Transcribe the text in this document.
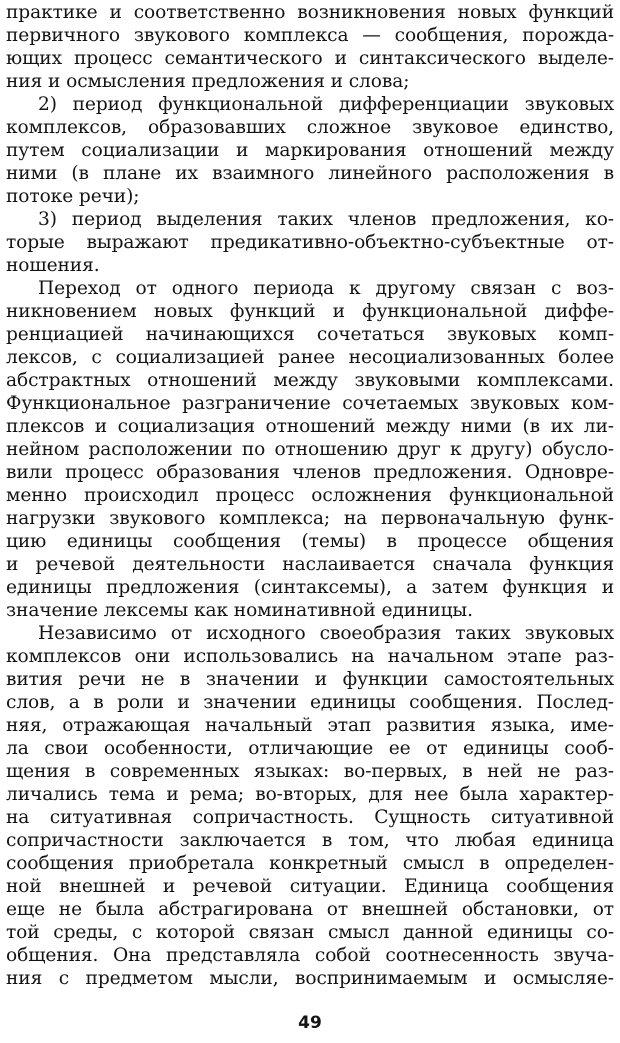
практике и соответственно возникновения новых функций
первичного звукового комплекса — сообщения, порожда-
ющих процесс семантического и синтаксического выделе-
ния и осмысления предложения и слова;
2) период функциональной дифференциации звуковых
комплексов, образовавших сложное звуковое единство,
путем социализации и маркирования отношений между
ними (в плане их взаимного линейного расположения в
потоке речи);
3) период выделения таких членов предложения, ко-
торые выражают предикативно-объектно-субъектные от-
ношения.
Переход от одного периода к другому связан с воз-
никновением новых функций и функциональной диффе-
ренциацией начинающихся сочетаться звуковых комп-
лексов, с социализацией ранее несоциализованных более
абстрактных отношений между звуковыми комплексами.
Функциональное разграничение сочетаемых звуковых ком-
плексов и социализация отношений между ними (в их ли-
нейном расположении по отношению друг к другу) обусло-
вили процесс образования членов предложения. Одновре-
менно происходил процесс осложнения функциональной
нагрузки звукового комплекса; на первоначальную функ-
цию единицы сообщения (темы) в процессе общения
и речевой деятельности наслаивается сначала функция
единицы предложения (синтаксемы), а затем функция и
значение лексемы как номинативной единицы.
Независимо от исходного своеобразия таких звуковых
комплексов они использовались на начальном этапе раз-
вития речи не в значении и функции самостоятельных
слов, а в роли и значении единицы сообщения. Послед-
няя, отражающая начальный этап развития языка, име-
ла свои особенности, отличающие ее от единицы сооб-
щения в современных языках: во-первых, в ней не раз-
личались тема и рема; во-вторых, для нее была характер-
на ситуативная сопричастность. Сущность ситуативной
сопричастности заключается в том, что любая единица
сообщения приобретала конкретный смысл в определен-
ной внешней и речевой ситуации. Единица сообщения
еще не была абстрагирована от внешней обстановки, от
той среды, с которой связан смысл данной единицы со-
общения. Она представляла собой соотнесенность звуча-
ния с предметом мысли, воспринимаемым и осмысляе-
49
